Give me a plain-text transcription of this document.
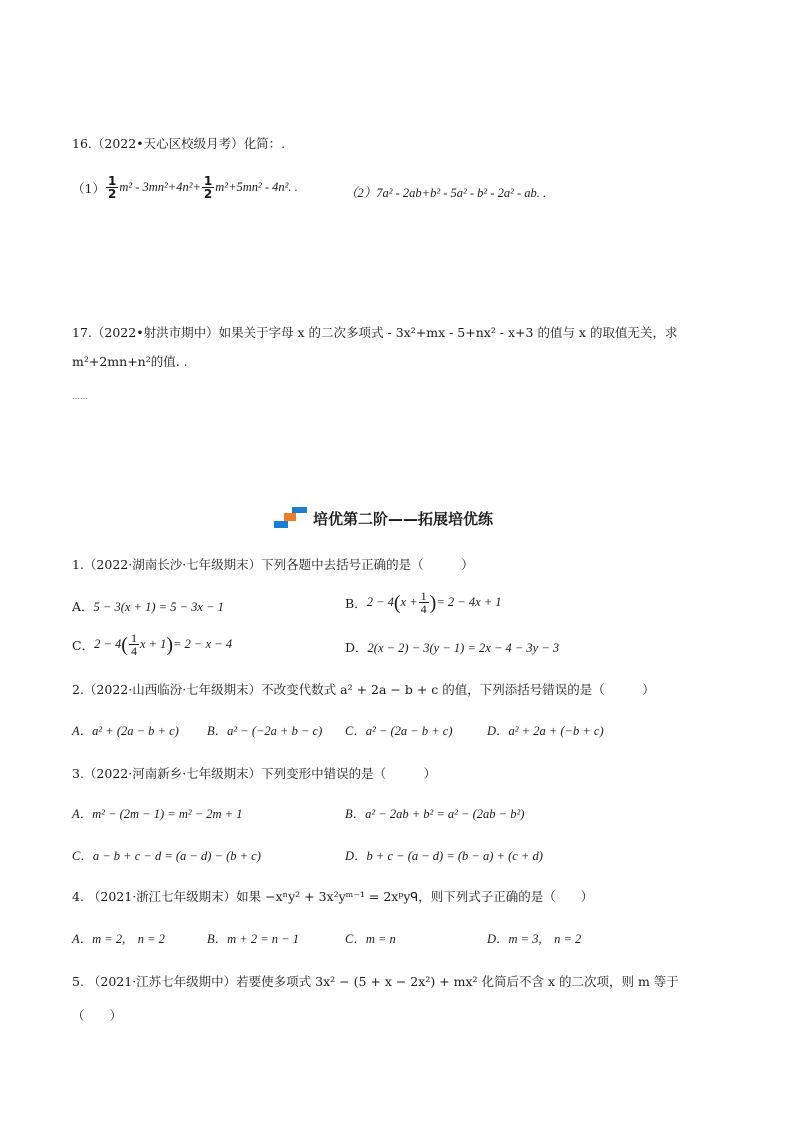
16.（2022•天心区校级月考）化简：.
$(1) \frac{1}{2} m^2 - 3mn^2+4n^2+ \frac{1}{2} m^2+5mn^2 - 4n^2$. .	（2）7a² - 2ab+b² - 5a² - b² - 2a² - ab. .
17.（2022•射洪市期中）如果关于字母 x 的二次多项式 - 3x²+mx - 5+nx² - x+3 的值与 x 的取值无关，求
m²+2mn+n²的值. .
……
培优第二阶——拓展培优练
1.（2022·湖南长沙·七年级期末）下列各题中去括号正确的是（　　　）
A．5 − 3(x + 1) = 5 − 3x − 1	B． 2 − 4 ( $x + \frac{1}{4}$ ) = 2 − 4x + 1
C． 2 − 4 ( $\frac{1}{4}$ x + 1 ) = 2 − x − 4	D．2(x − 2) − 3(y − 1) = 2x − 4 − 3y − 3
2.（2022·山西临汾·七年级期末）不改变代数式 a² + 2a − b + c 的值，下列添括号错误的是（　　　）
A．a² + (2a − b + c) B．a² − (−2a + b − c) C．a² − (2a − b + c)	D．a² + 2a + (−b + c)
3.（2022·河南新乡·七年级期末）下列变形中错误的是（　　　）
A．m² − (2m − 1) = m² − 2m + 1	B．a² − 2ab + b² = a² − (2ab − b²)
C．a − b + c − d = (a − d) − (b + c)	D．b + c − (a − d) = (b − a) + (c + d)
4. （2021·浙江七年级期末）如果 −xⁿy² + 3x²yᵐ⁻¹ = 2xᵖyᑫ，则下列式子正确的是（　　）
A．m = 2,　n = 2	B．m + 2 = n − 1	C．m = n	D．m = 3,　n = 2
5. （2021·江苏七年级期中）若要使多项式 3x² − (5 + x − 2x²) + mx² 化简后不含 x 的二次项，则 m 等于
（　　）
